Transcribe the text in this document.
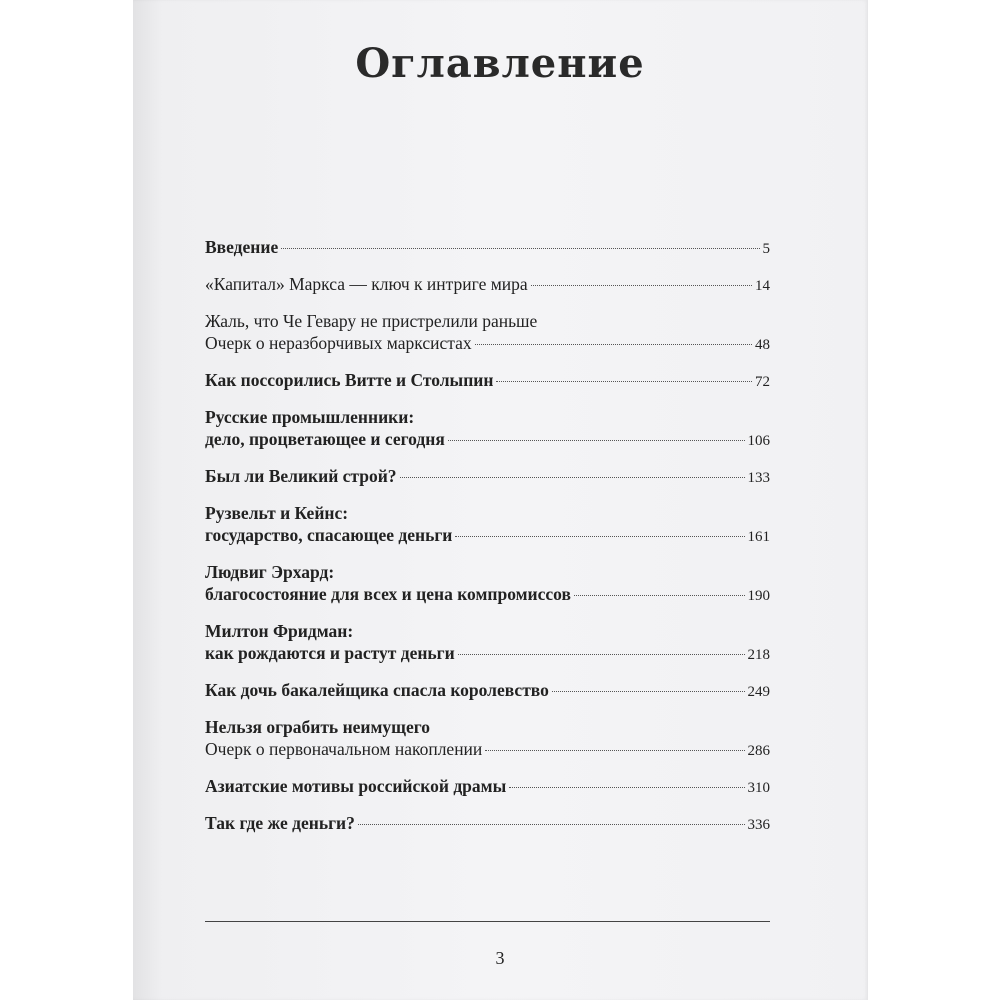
Оглавление
Введение	5
«Капитал» Маркса — ключ к интриге мира	14
Жаль, что Че Гевару не пристрелили раньше
Очерк о неразборчивых марксистах	48
Как поссорились Витте и Столыпин	72
Русские промышленники:
дело, процветающее и сегодня	106
Был ли Великий строй?	133
Рузвельт и Кейнс:
государство, спасающее деньги	161
Людвиг Эрхард:
благосостояние для всех и цена компромиссов	190
Милтон Фридман:
как рождаются и растут деньги	218
Как дочь бакалейщика спасла королевство	249
Нельзя ограбить неимущего
Очерк о первоначальном накоплении	286
Азиатские мотивы российской драмы	310
Так где же деньги?	336
3
